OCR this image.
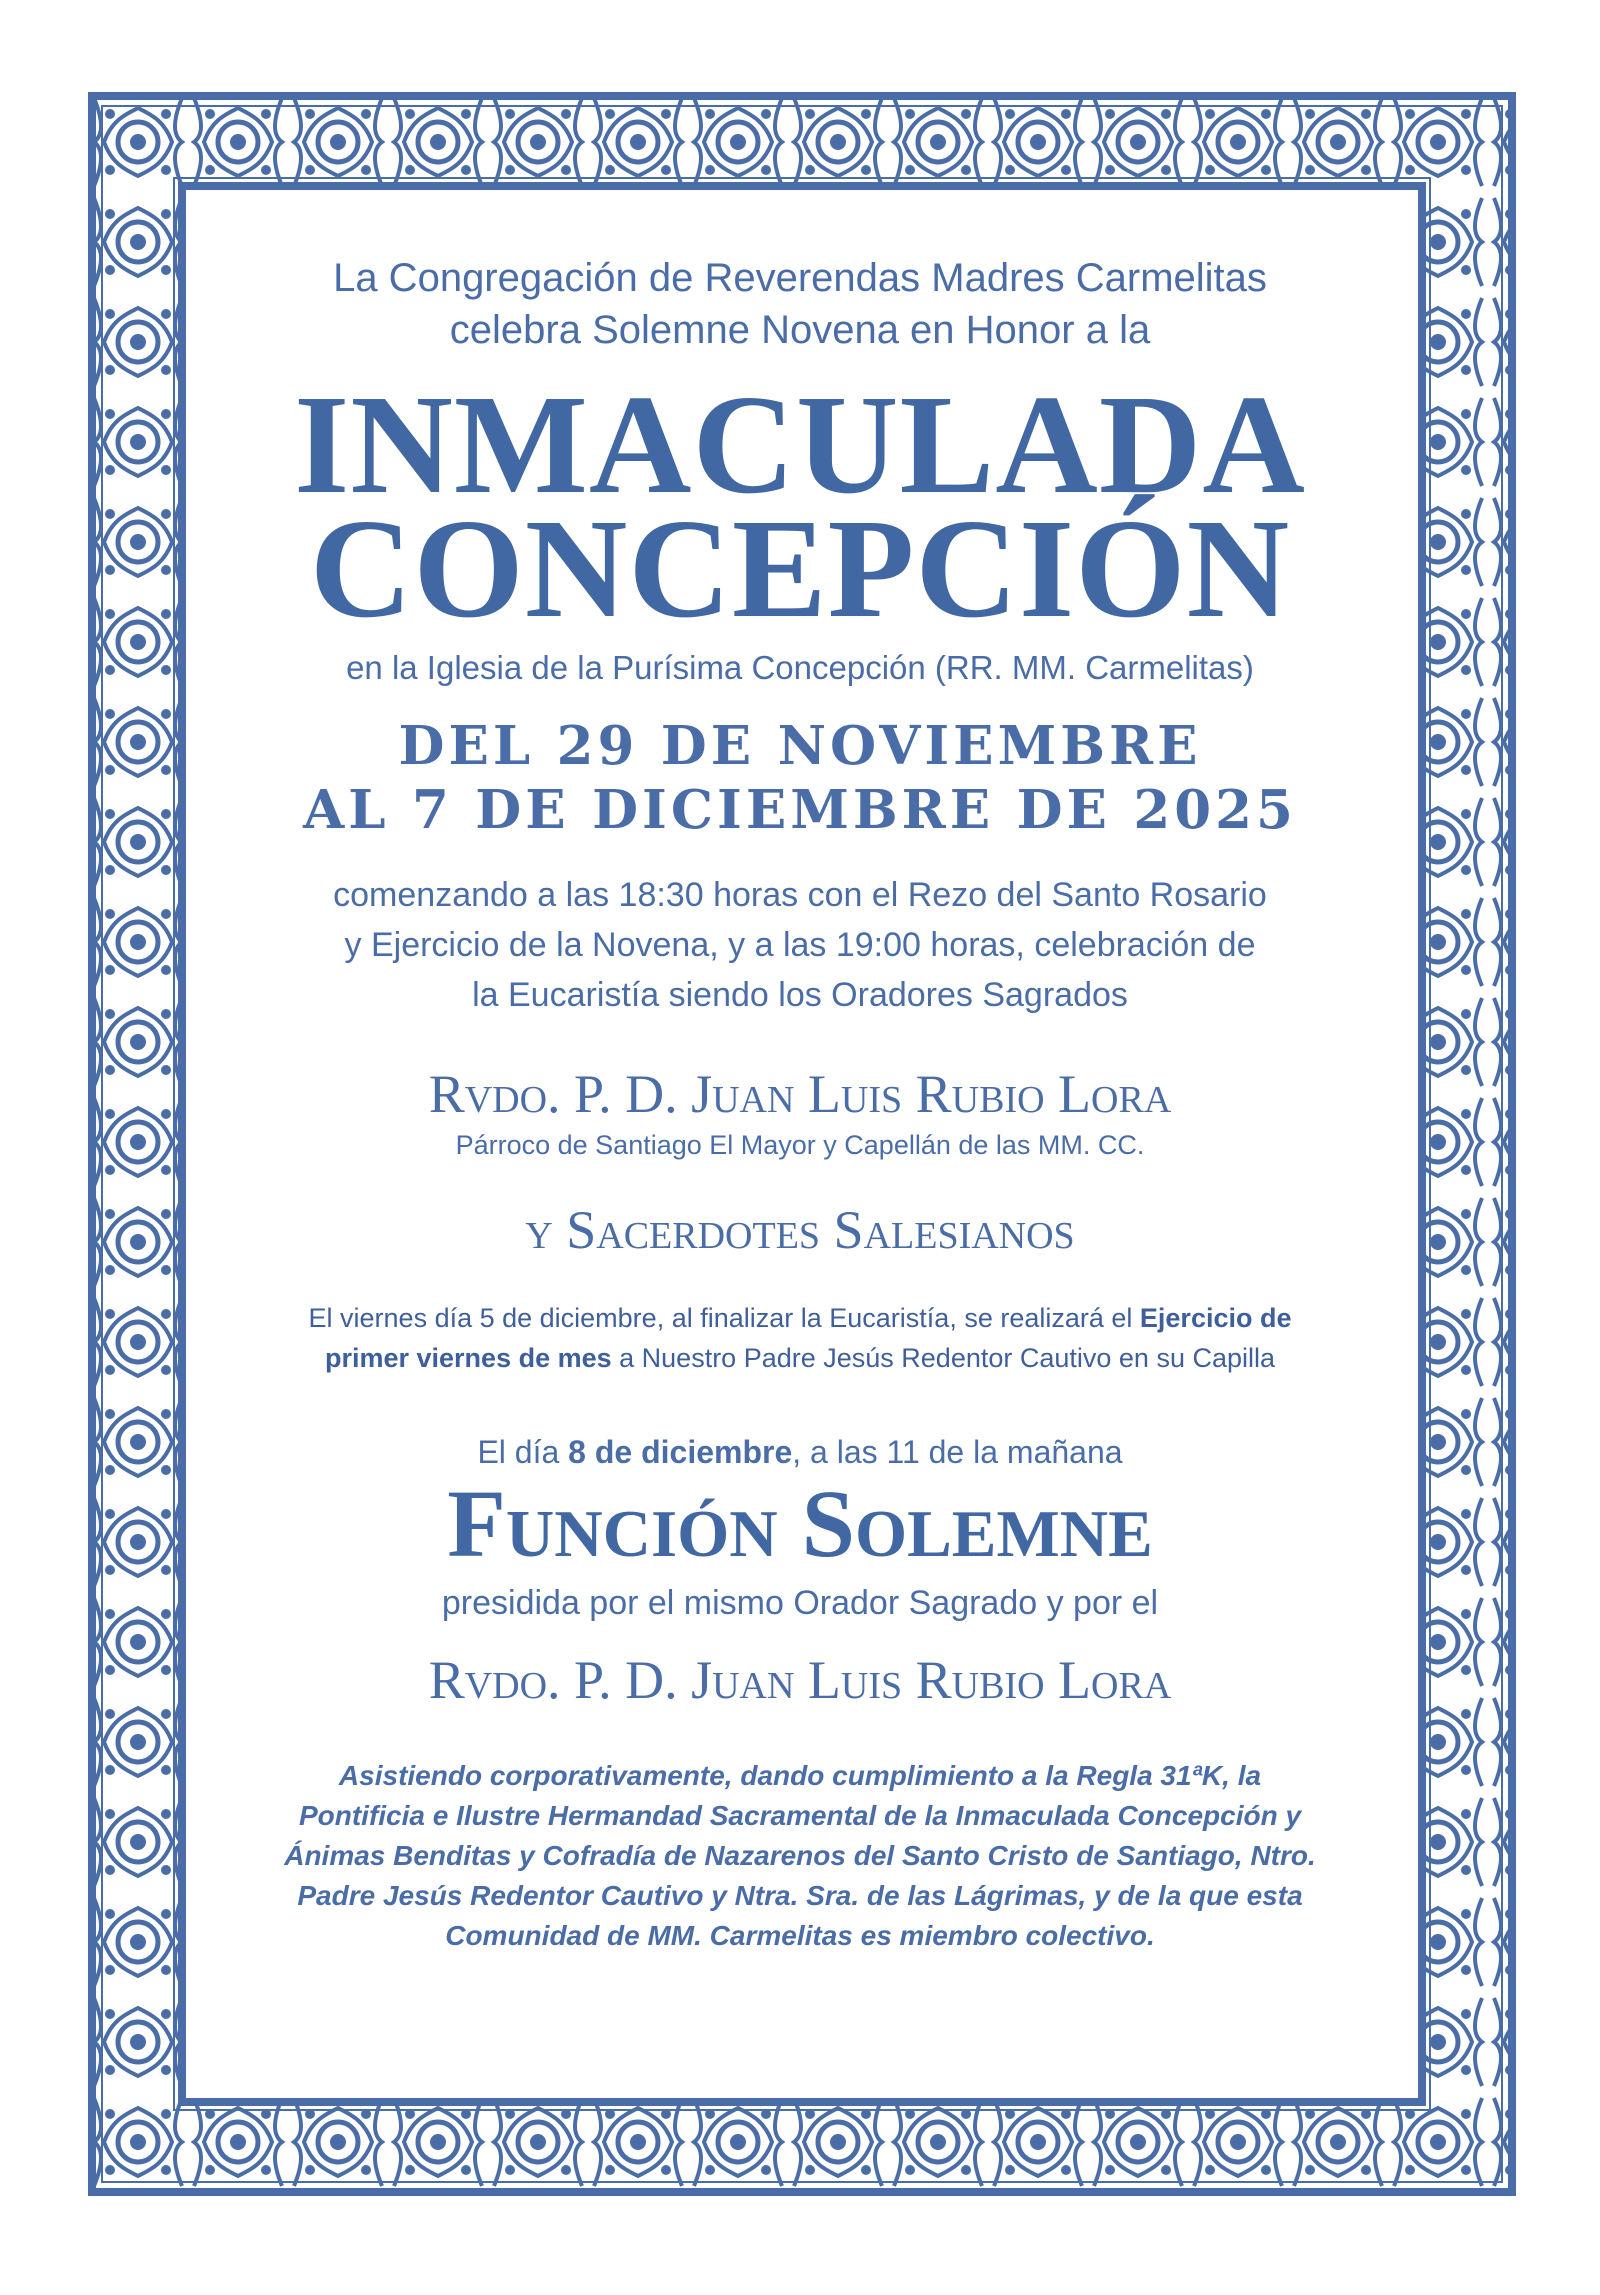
La Congregación de Reverendas Madres Carmelitas

celebra Solemne Novena en Honor a la

INMACULADA

CONCEPCIÓN

en la Iglesia de la Purísima Concepción (RR. MM. Carmelitas)

DEL 29 DE NOVIEMBRE

AL 7 DE DICIEMBRE DE 2025

comenzando a las 18:30 horas con el Rezo del Santo Rosario

y Ejercicio de la Novena, y a las 19:00 horas, celebración de

la Eucaristía siendo los Oradores Sagrados

Rvdo. P. D. Juan Luis Rubio Lora

Párroco de Santiago El Mayor y Capellán de las MM. CC.

y Sacerdotes Salesianos

El viernes día 5 de diciembre, al finalizar la Eucaristía, se realizará el Ejercicio de

primer viernes de mes a Nuestro Padre Jesús Redentor Cautivo en su Capilla

El día 8 de diciembre, a las 11 de la mañana

Función Solemne

presidida por el mismo Orador Sagrado y por el

Rvdo. P. D. Juan Luis Rubio Lora

Asistiendo corporativamente, dando cumplimiento a la Regla 31ªK, la

Pontificia e Ilustre Hermandad Sacramental de la Inmaculada Concepción y

Ánimas Benditas y Cofradía de Nazarenos del Santo Cristo de Santiago, Ntro.

Padre Jesús Redentor Cautivo y Ntra. Sra. de las Lágrimas, y de la que esta

Comunidad de MM. Carmelitas es miembro colectivo.
